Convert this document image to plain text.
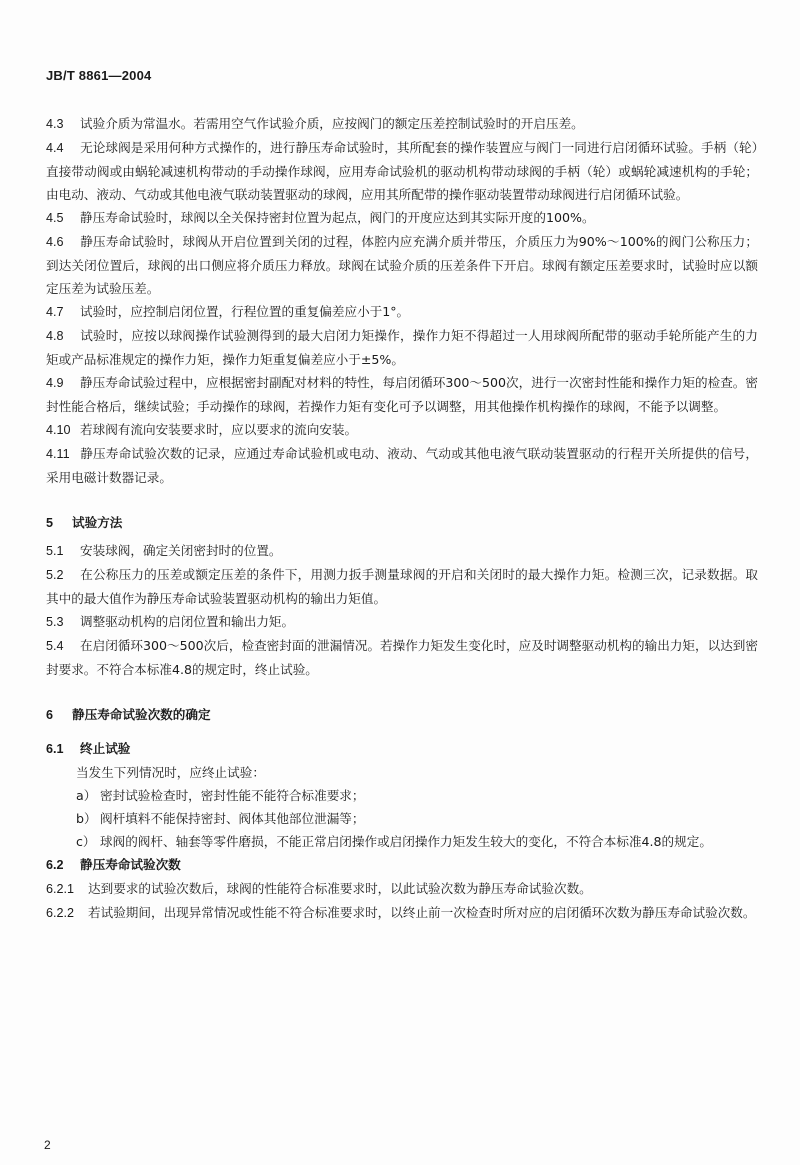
JB/T 8861—2004

4.3 试验介质为常温水。若需用空气作试验介质，应按阀门的额定压差控制试验时的开启压差。

4.4 无论球阀是采用何种方式操作的，进行静压寿命试验时，其所配套的操作装置应与阀门一同进行启闭循环试验。手柄（轮）直接带动阀或由蜗轮减速机构带动的手动操作球阀，应用寿命试验机的驱动机构带动球阀的手柄（轮）或蜗轮减速机构的手轮；由电动、液动、气动或其他电液气联动装置驱动的球阀，应用其所配带的操作驱动装置带动球阀进行启闭循环试验。

4.5 静压寿命试验时，球阀以全关保持密封位置为起点，阀门的开度应达到其实际开度的100%。

4.6 静压寿命试验时，球阀从开启位置到关闭的过程，体腔内应充满介质并带压，介质压力为90%～100%的阀门公称压力；到达关闭位置后，球阀的出口侧应将介质压力释放。球阀在试验介质的压差条件下开启。球阀有额定压差要求时，试验时应以额定压差为试验压差。

4.7 试验时，应控制启闭位置，行程位置的重复偏差应小于1°。

4.8 试验时，应按以球阀操作试验测得到的最大启闭力矩操作，操作力矩不得超过一人用球阀所配带的驱动手轮所能产生的力矩或产品标准规定的操作力矩，操作力矩重复偏差应小于±5%。

4.9 静压寿命试验过程中，应根据密封副配对材料的特性，每启闭循环300～500次，进行一次密封性能和操作力矩的检查。密封性能合格后，继续试验；手动操作的球阀，若操作力矩有变化可予以调整，用其他操作机构操作的球阀，不能予以调整。

4.10 若球阀有流向安装要求时，应以要求的流向安装。

4.11 静压寿命试验次数的记录，应通过寿命试验机或电动、液动、气动或其他电液气联动装置驱动的行程开关所提供的信号，采用电磁计数器记录。

5 试验方法

5.1 安装球阀，确定关闭密封时的位置。

5.2 在公称压力的压差或额定压差的条件下，用测力扳手测量球阀的开启和关闭时的最大操作力矩。检测三次，记录数据。取其中的最大值作为静压寿命试验装置驱动机构的输出力矩值。

5.3 调整驱动机构的启闭位置和输出力矩。

5.4 在启闭循环300～500次后，检查密封面的泄漏情况。若操作力矩发生变化时，应及时调整驱动机构的输出力矩，以达到密封要求。不符合本标准4.8的规定时，终止试验。

6 静压寿命试验次数的确定

6.1 终止试验

当发生下列情况时，应终止试验：

a） 密封试验检查时，密封性能不能符合标准要求；
b） 阀杆填料不能保持密封、阀体其他部位泄漏等；
c） 球阀的阀杆、轴套等零件磨损，不能正常启闭操作或启闭操作力矩发生较大的变化，不符合本标准4.8的规定。

6.2 静压寿命试验次数

6.2.1 达到要求的试验次数后，球阀的性能符合标准要求时，以此试验次数为静压寿命试验次数。

6.2.2 若试验期间，出现异常情况或性能不符合标准要求时，以终止前一次检查时所对应的启闭循环次数为静压寿命试验次数。

2
